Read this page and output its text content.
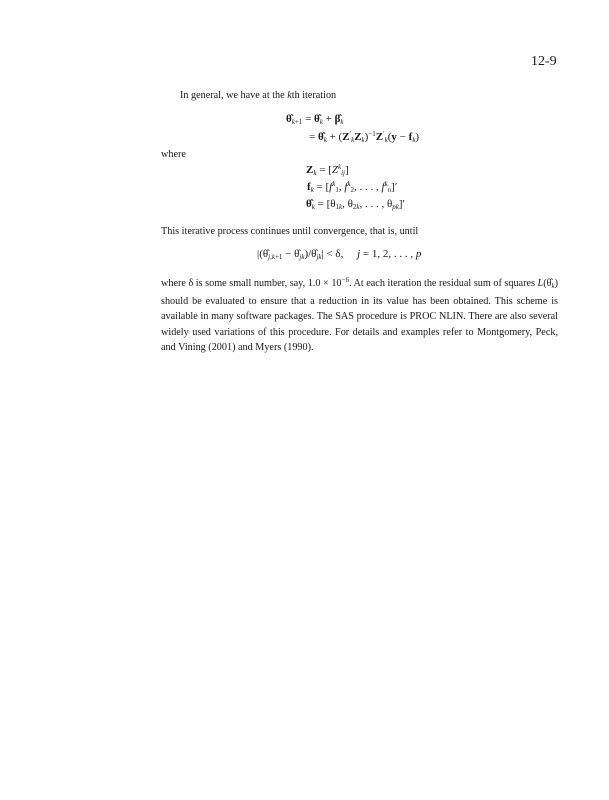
12-9
In general, we have at the kth iteration
$\thetâ_{k+1}$ = $\thetâ_k$ + $\betâ_k$
= $\thetâ_k + (Z'_kZ_k)^{-1}Z'_k(y - f_k)$
where
$Z_k = [Z^k_{ij}]$
$f_k = [f^k_1$, $f^k_2$, . . . , $f^k_n]'$
$\thetâ_k = [\theta_{1k}$, $\theta_{2k}$, . . . , $\theta_{pk}]'$
This iterative process continues until convergence, that is, until
$|(\thetâ_{j,k+1}$ − $\thetâ_{jk})/\thetâ_{jk}| < \delta$,     j = 1, 2, . . . , p
where δ is some small number, say, $1.0 \times 10^{-6}$. At each iteration the residual sum of squares $L(\thetâ_k)$ should be evaluated to ensure that a reduction in its value has been obtained. This scheme is available in many software packages. The SAS procedure is PROC NLIN. There are also several widely used variations of this procedure. For details and examples refer to Montgomery, Peck, and Vining (2001) and Myers (1990).
